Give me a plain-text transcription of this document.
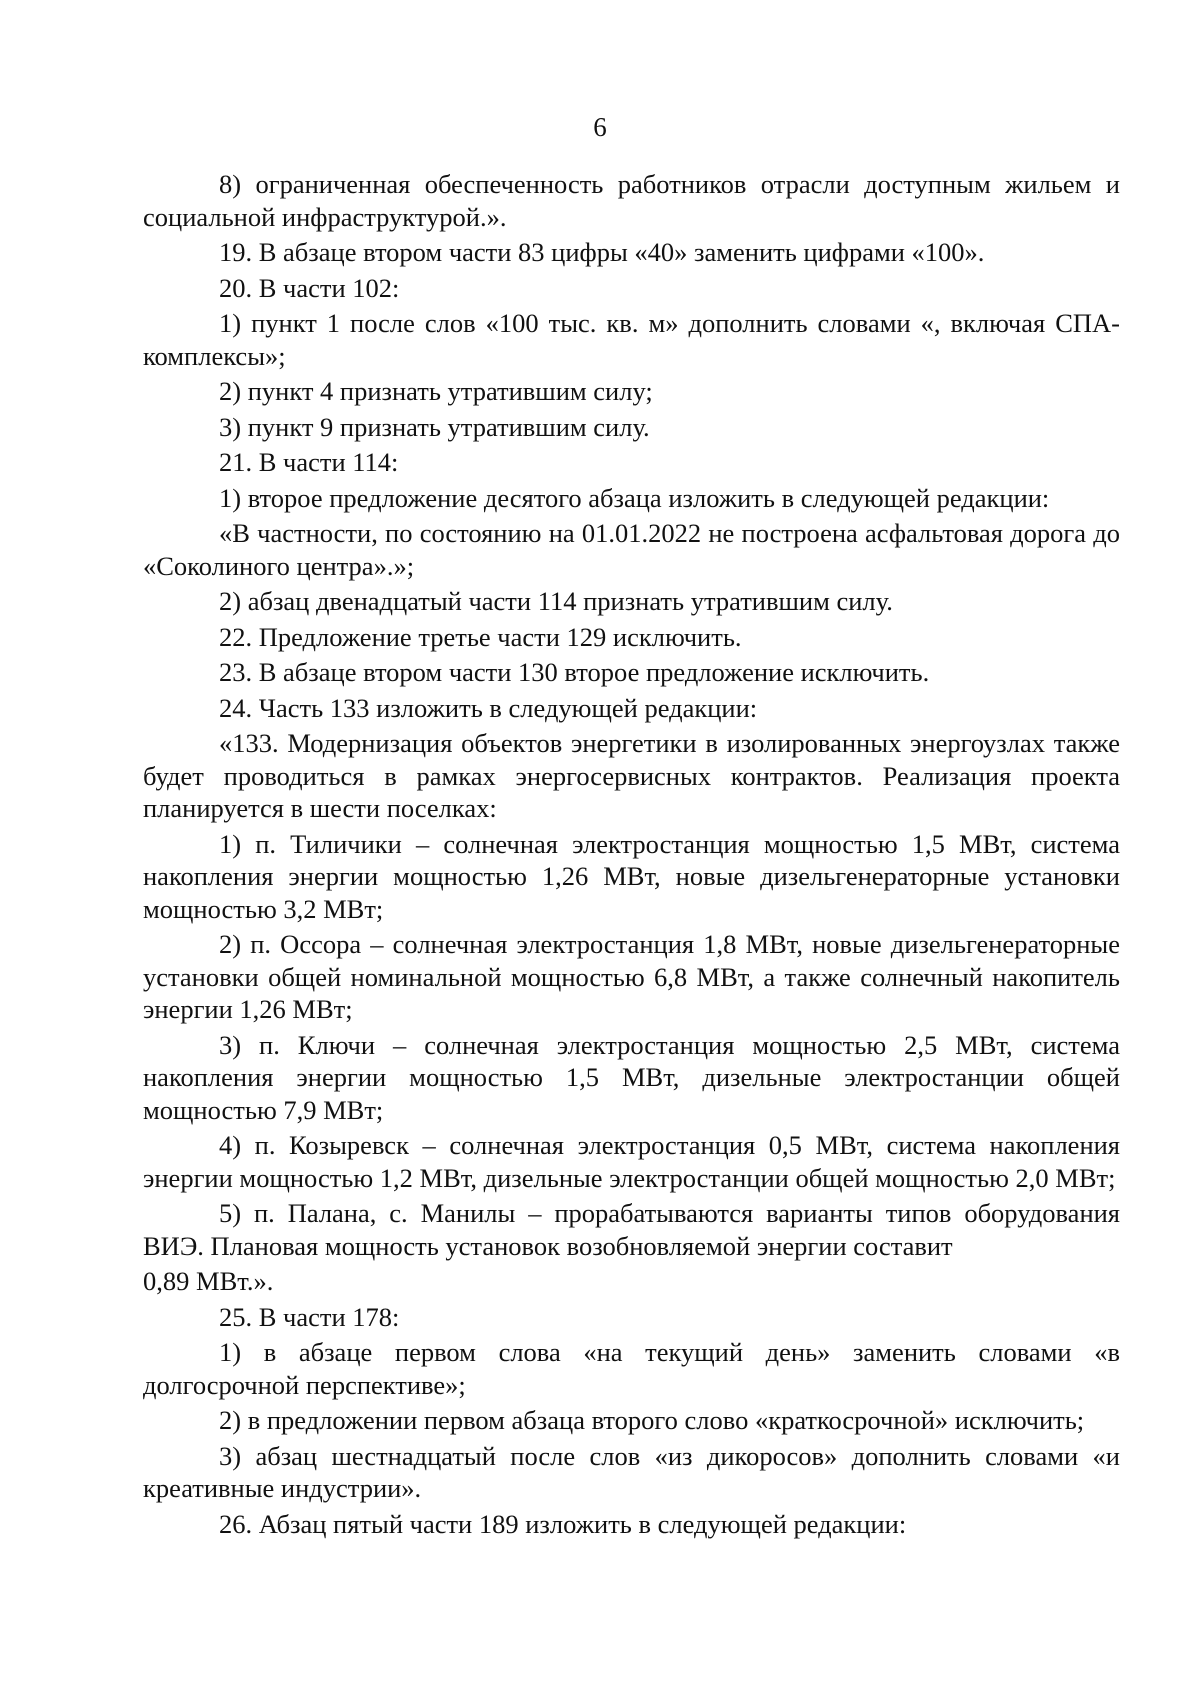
6

8) ограниченная обеспеченность работников отрасли доступным жильем и социальной инфраструктурой.».

19. В абзаце втором части 83 цифры «40» заменить цифрами «100».

20. В части 102:

1) пункт 1 после слов «100 тыс. кв. м» дополнить словами «, включая СПА-комплексы»;

2) пункт 4 признать утратившим силу;

3) пункт 9 признать утратившим силу.

21. В части 114:

1) второе предложение десятого абзаца изложить в следующей редакции:

«В частности, по состоянию на 01.01.2022 не построена асфальтовая дорога до «Соколиного центра».»;

2) абзац двенадцатый части 114 признать утратившим силу.

22. Предложение третье части 129 исключить.

23. В абзаце втором части 130 второе предложение исключить.

24. Часть 133 изложить в следующей редакции:

«133. Модернизация объектов энергетики в изолированных энергоузлах также будет проводиться в рамках энергосервисных контрактов. Реализация проекта планируется в шести поселках:

1) п. Тиличики – солнечная электростанция мощностью 1,5 МВт, система накопления энергии мощностью 1,26 МВт, новые дизельгенераторные установки мощностью 3,2 МВт;

2) п. Оссора – солнечная электростанция 1,8 МВт, новые дизельгенераторные установки общей номинальной мощностью 6,8 МВт, а также солнечный накопитель энергии 1,26 МВт;

3) п. Ключи – солнечная электростанция мощностью 2,5 МВт, система накопления энергии мощностью 1,5 МВт, дизельные электростанции общей мощностью 7,9 МВт;

4) п. Козыревск – солнечная электростанция 0,5 МВт, система накопления энергии мощностью 1,2 МВт, дизельные электростанции общей мощностью 2,0 МВт;

5) п. Палана, с. Манилы – прорабатываются варианты типов оборудования ВИЭ. Плановая мощность установок возобновляемой энергии составит

0,89 МВт.».

25. В части 178:

1) в абзаце первом слова «на текущий день» заменить словами «в долгосрочной перспективе»;

2) в предложении первом абзаца второго слово «краткосрочной» исключить;

3) абзац шестнадцатый после слов «из дикоросов» дополнить словами «и креативные индустрии».

26. Абзац пятый части 189 изложить в следующей редакции:
